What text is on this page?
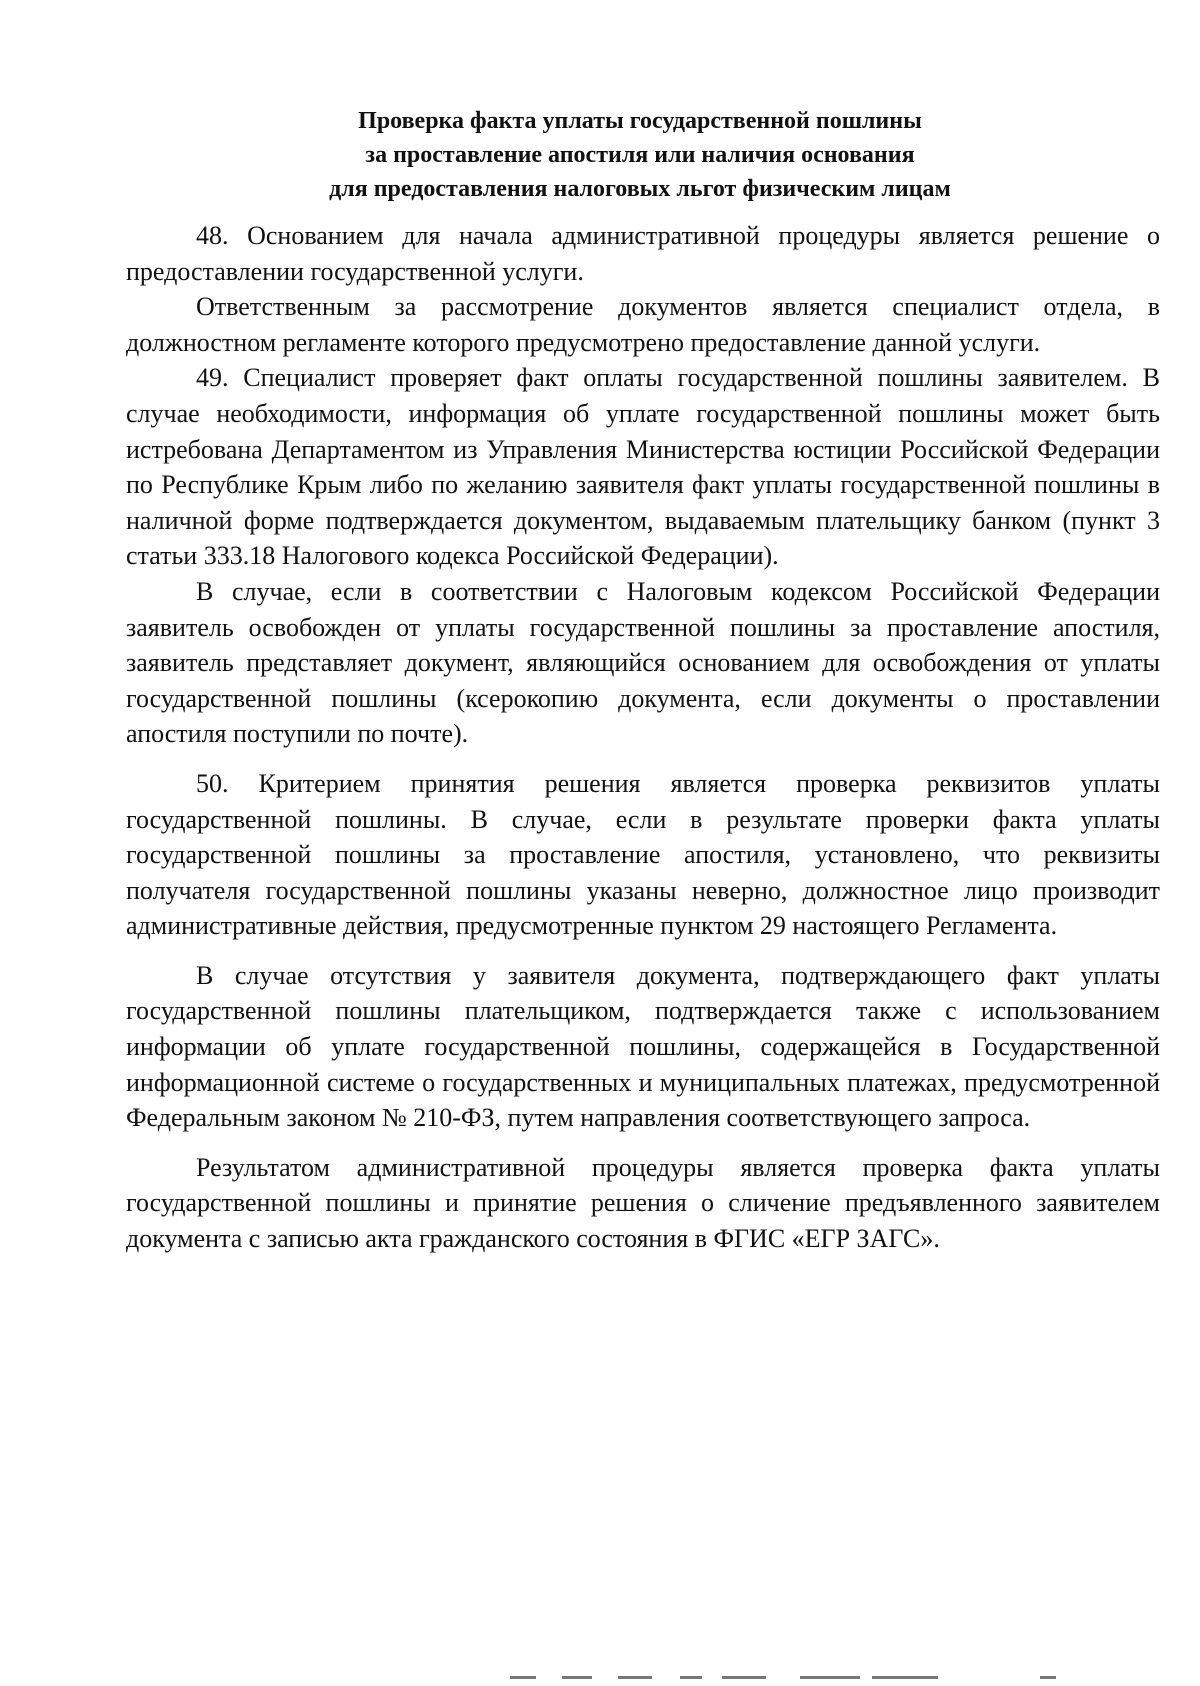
Проверка факта уплаты государственной пошлины
за проставление апостиля или наличия основания
для предоставления налоговых льгот физическим лицам

48. Основанием для начала административной процедуры является решение о предоставлении государственной услуги.

Ответственным за рассмотрение документов является специалист отдела, в должностном регламенте которого предусмотрено предоставление данной услуги.

49. Специалист проверяет факт оплаты государственной пошлины заявителем. В случае необходимости, информация об уплате государственной пошлины может быть истребована Департаментом из Управления Министерства юстиции Российской Федерации по Республике Крым либо по желанию заявителя факт уплаты государственной пошлины в наличной форме подтверждается документом, выдаваемым плательщику банком (пункт 3 статьи 333.18 Налогового кодекса Российской Федерации).

В случае, если в соответствии с Налоговым кодексом Российской Федерации заявитель освобожден от уплаты государственной пошлины за проставление апостиля, заявитель представляет документ, являющийся основанием для освобождения от уплаты государственной пошлины (ксерокопию документа, если документы о проставлении апостиля поступили по почте).

50. Критерием принятия решения является проверка реквизитов уплаты государственной пошлины. В случае, если в результате проверки факта уплаты государственной пошлины за проставление апостиля, установлено, что реквизиты получателя государственной пошлины указаны неверно, должностное лицо производит административные действия, предусмотренные пунктом 29 настоящего Регламента.

В случае отсутствия у заявителя документа, подтверждающего факт уплаты государственной пошлины плательщиком, подтверждается также с использованием информации об уплате государственной пошлины, содержащейся в Государственной информационной системе о государственных и муниципальных платежах, предусмотренной Федеральным законом № 210-ФЗ, путем направления соответствующего запроса.

Результатом административной процедуры является проверка факта уплаты государственной пошлины и принятие решения о сличение предъявленного заявителем документа с записью акта гражданского состояния в ФГИС «ЕГР ЗАГС».
